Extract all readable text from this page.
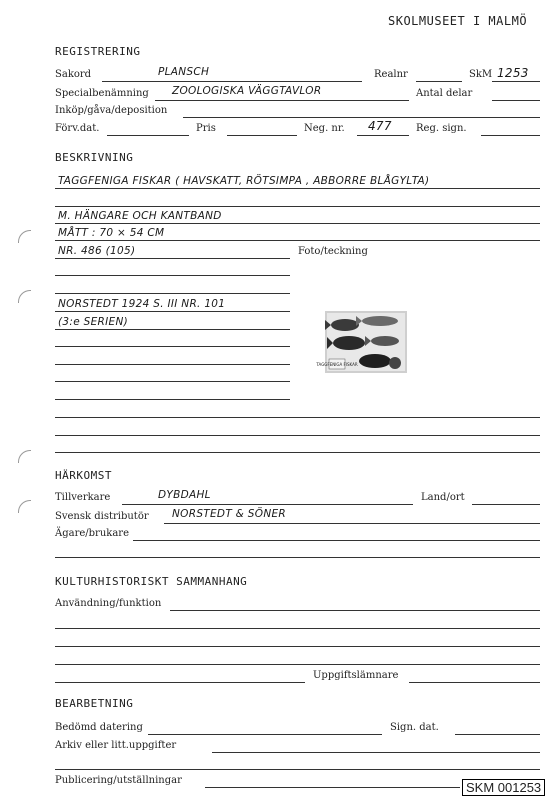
SKOLMUSEET I MALMÖ
REGISTRERING
Sakord	PLANSCH	Realnr	SkM 1253
Specialbenämning ZOOLOGISKA VÄGGTAVLOR	Antal delar
Inköp/gåva/deposition
Förv.dat.	Pris	Neg. nr. 477 Reg. sign.
BESKRIVNING
TAGGFENIGA FISKAR ( HAVSKATT, RÖTSIMPA , ABBORRE BLÅGYLTA)
M. HÄNGARE OCH KANTBAND
MÅTT : 70 × 54 CM
NR. 486 (105)	Foto/teckning
NORSTEDT 1924 S. III NR. 101
(3:e SERIEN)
TAGGFENIGA FISKAR
HÄRKOMST
Tillverkare	DYBDAHL	Land/ort
Svensk distributör NORSTEDT & SÖNER
Ägare/brukare
KULTURHISTORISKT SAMMANHANG
Användning/funktion
Uppgiftslämnare
BEARBETNING
Bedömd datering	Sign. dat.
Arkiv eller litt.uppgifter
Publicering/utställningar	SKM 001253
